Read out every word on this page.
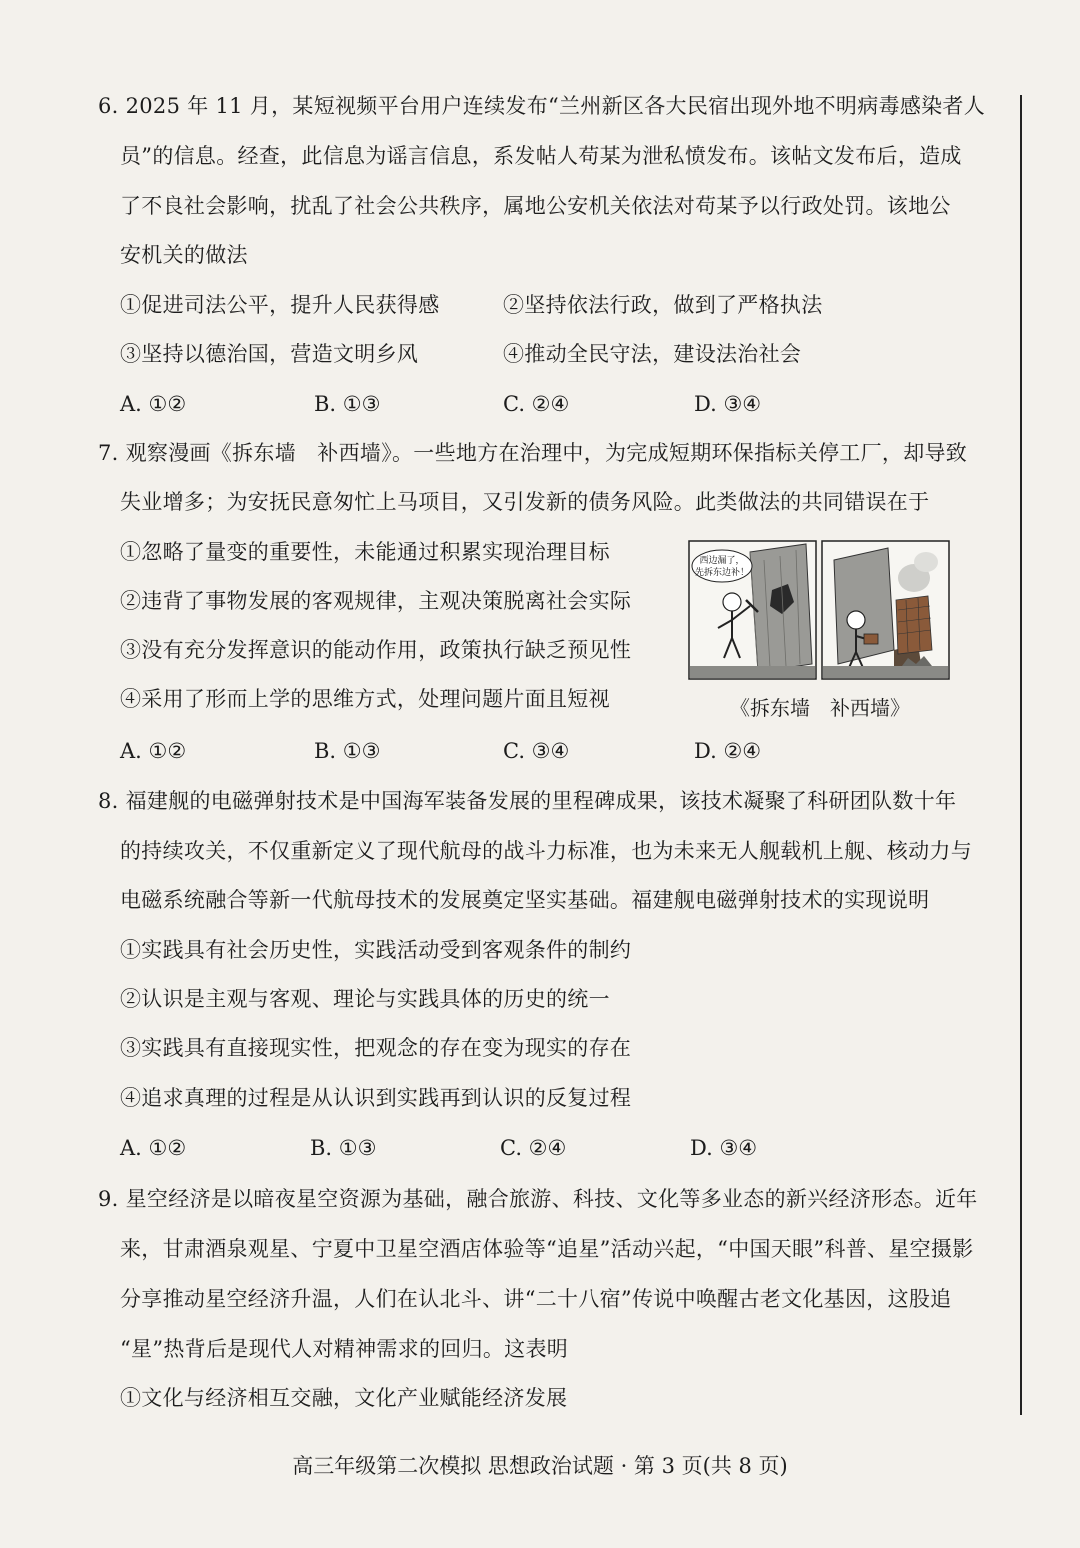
6. 2025 年 11 月，某短视频平台用户连续发布“兰州新区各大民宿出现外地不明病毒感染者人
员”的信息。经查，此信息为谣言信息，系发帖人苟某为泄私愤发布。该帖文发布后，造成
了不良社会影响，扰乱了社会公共秩序，属地公安机关依法对苟某予以行政处罚。该地公
安机关的做法
①促进司法公平，提升人民获得感	②坚持依法行政，做到了严格执法
③坚持以德治国，营造文明乡风	④推动全民守法，建设法治社会
A. ①②	B. ①③	C. ②④	D. ③④
7. 观察漫画《拆东墙　补西墙》。一些地方在治理中，为完成短期环保指标关停工厂，却导致
失业增多；为安抚民意匆忙上马项目，又引发新的债务风险。此类做法的共同错误在于
①忽略了量变的重要性，未能通过积累实现治理目标
②违背了事物发展的客观规律，主观决策脱离社会实际
③没有充分发挥意识的能动作用，政策执行缺乏预见性
④采用了形而上学的思维方式，处理问题片面且短视
A. ①②	B. ①③	C. ③④	D. ②④
西边漏了，
先拆东边补！
《拆东墙　补西墙》
8. 福建舰的电磁弹射技术是中国海军装备发展的里程碑成果，该技术凝聚了科研团队数十年
的持续攻关，不仅重新定义了现代航母的战斗力标准，也为未来无人舰载机上舰、核动力与
电磁系统融合等新一代航母技术的发展奠定坚实基础。福建舰电磁弹射技术的实现说明
①实践具有社会历史性，实践活动受到客观条件的制约
②认识是主观与客观、理论与实践具体的历史的统一
③实践具有直接现实性，把观念的存在变为现实的存在
④追求真理的过程是从认识到实践再到认识的反复过程
A. ①②	B. ①③	C. ②④	D. ③④
9. 星空经济是以暗夜星空资源为基础，融合旅游、科技、文化等多业态的新兴经济形态。近年
来，甘肃酒泉观星、宁夏中卫星空酒店体验等“追星”活动兴起，“中国天眼”科普、星空摄影
分享推动星空经济升温，人们在认北斗、讲“二十八宿”传说中唤醒古老文化基因，这股追
“星”热背后是现代人对精神需求的回归。这表明
①文化与经济相互交融，文化产业赋能经济发展
高三年级第二次模拟 思想政治试题 · 第 3 页(共 8 页)
